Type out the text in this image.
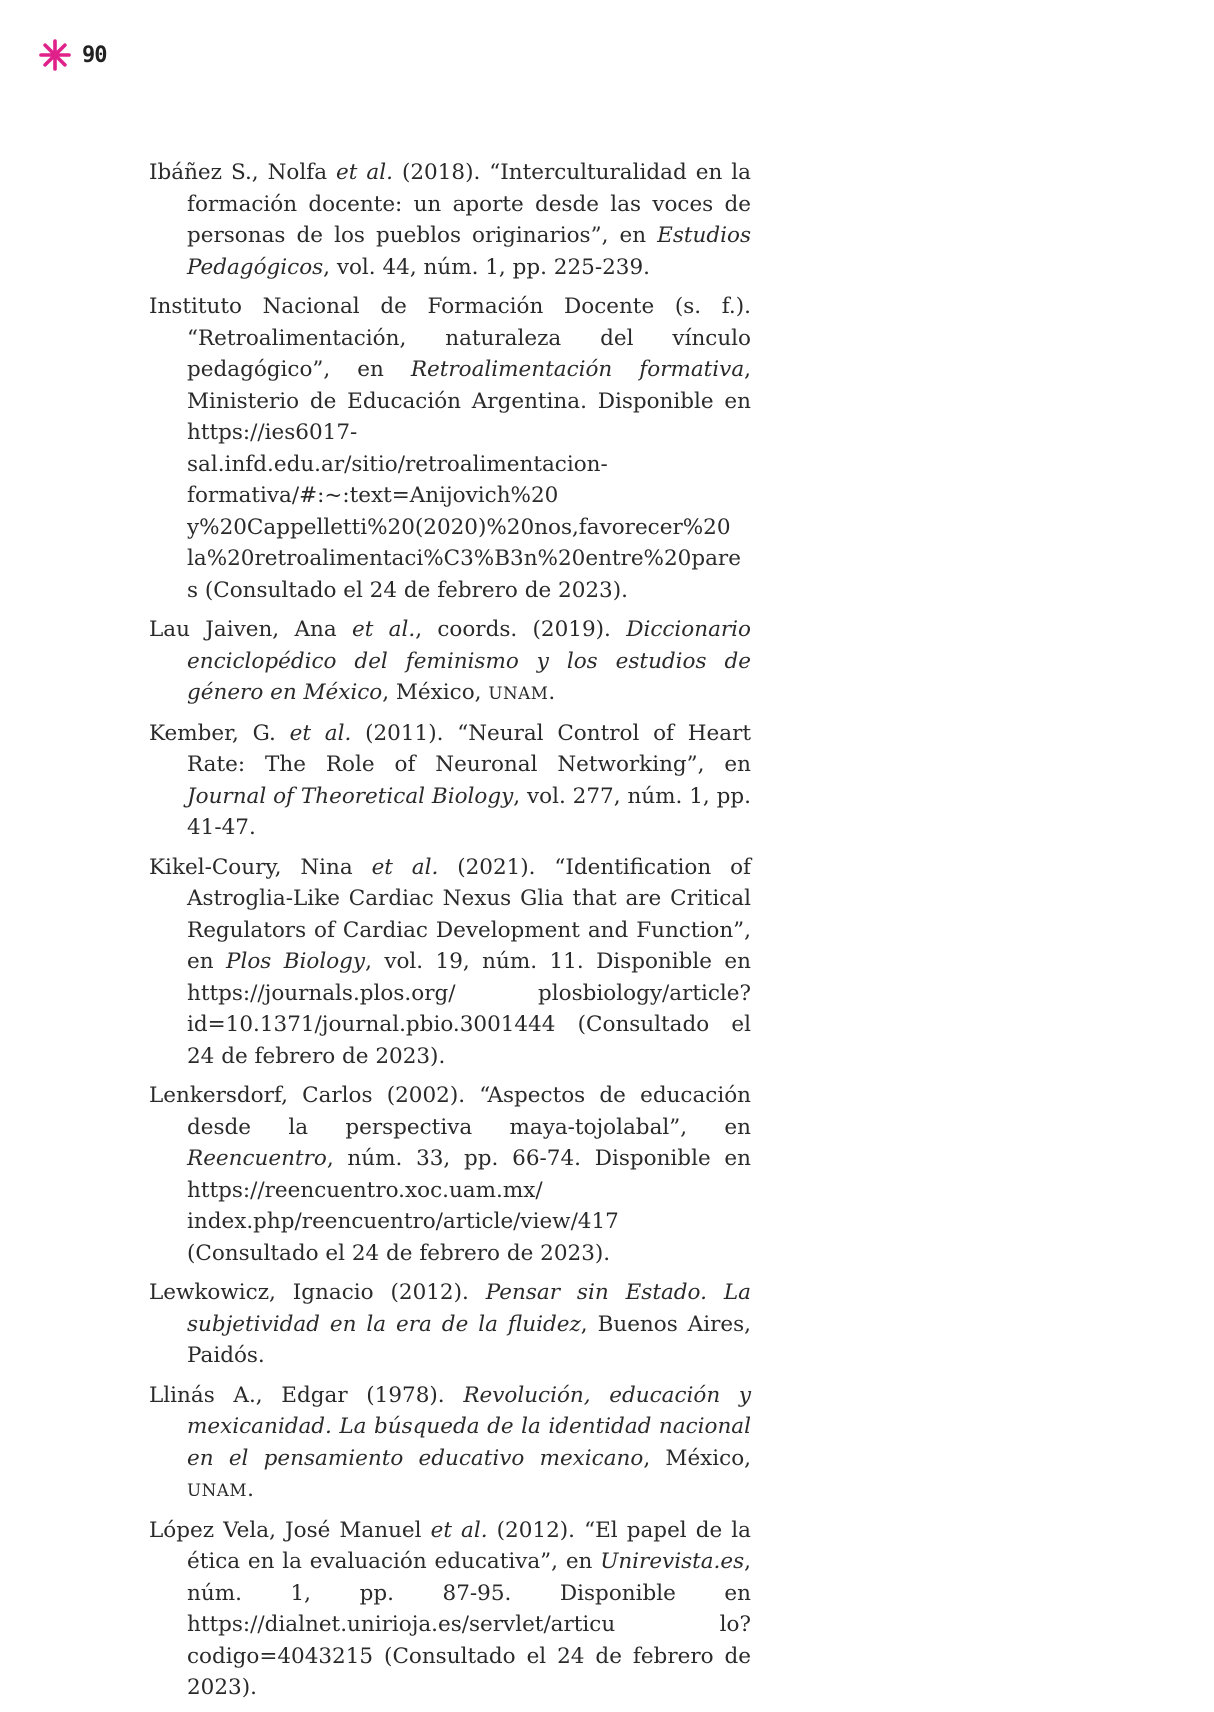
90

Ibáñez S., Nolfa et al. (2018). “Interculturalidad en la formación docente: un aporte desde las voces de personas de los pueblos originarios”, en Estudios Pedagógicos, vol. 44, núm. 1, pp. 225-239.

Instituto Nacional de Formación Docente (s. f.). “Retroalimentación, naturaleza del vínculo pedagógico”, en Retroalimentación formativa, Ministerio de Educación Argentina. Disponible en https://ies6017-sal.infd.edu.ar/sitio/retroalimentacion-formativa/#:~:text=Anijovich%20 y%20Cappelletti%20(2020)%20nos,favorecer%20 la%20retroalimentaci%C3%B3n%20entre%20pares (Consultado el 24 de febrero de 2023).

Lau Jaiven, Ana et al., coords. (2019). Diccionario enciclopédico del feminismo y los estudios de género en México, México, UNAM.

Kember, G. et al. (2011). “Neural Control of Heart Rate: The Role of Neuronal Networking”, en Journal of Theoretical Biology, vol. 277, núm. 1, pp. 41-47.

Kikel-Coury, Nina et al. (2021). “Identification of Astroglia-Like Cardiac Nexus Glia that are Critical Regulators of Cardiac Development and Function”, en Plos Biology, vol. 19, núm. 11. Disponible en https://journals.plos.org/ plosbiology/article?id=10.1371/journal.pbio.3001444 (Consultado el 24 de febrero de 2023).

Lenkersdorf, Carlos (2002). “Aspectos de educación desde la perspectiva maya-tojolabal”, en Reencuentro, núm. 33, pp. 66-74. Disponible en https://reencuentro.xoc.uam.mx/ index.php/reencuentro/article/view/417 (Consultado el 24 de febrero de 2023).

Lewkowicz, Ignacio (2012). Pensar sin Estado. La subjetividad en la era de la fluidez, Buenos Aires, Paidós.

Llinás A., Edgar (1978). Revolución, educación y mexicanidad. La búsqueda de la identidad nacional en el pensamiento educativo mexicano, México, UNAM.

López Vela, José Manuel et al. (2012). “El papel de la ética en la evaluación educativa”, en Unirevista.es, núm. 1, pp. 87-95. Disponible en https://dialnet.unirioja.es/servlet/articu lo?codigo=4043215 (Consultado el 24 de febrero de 2023).
